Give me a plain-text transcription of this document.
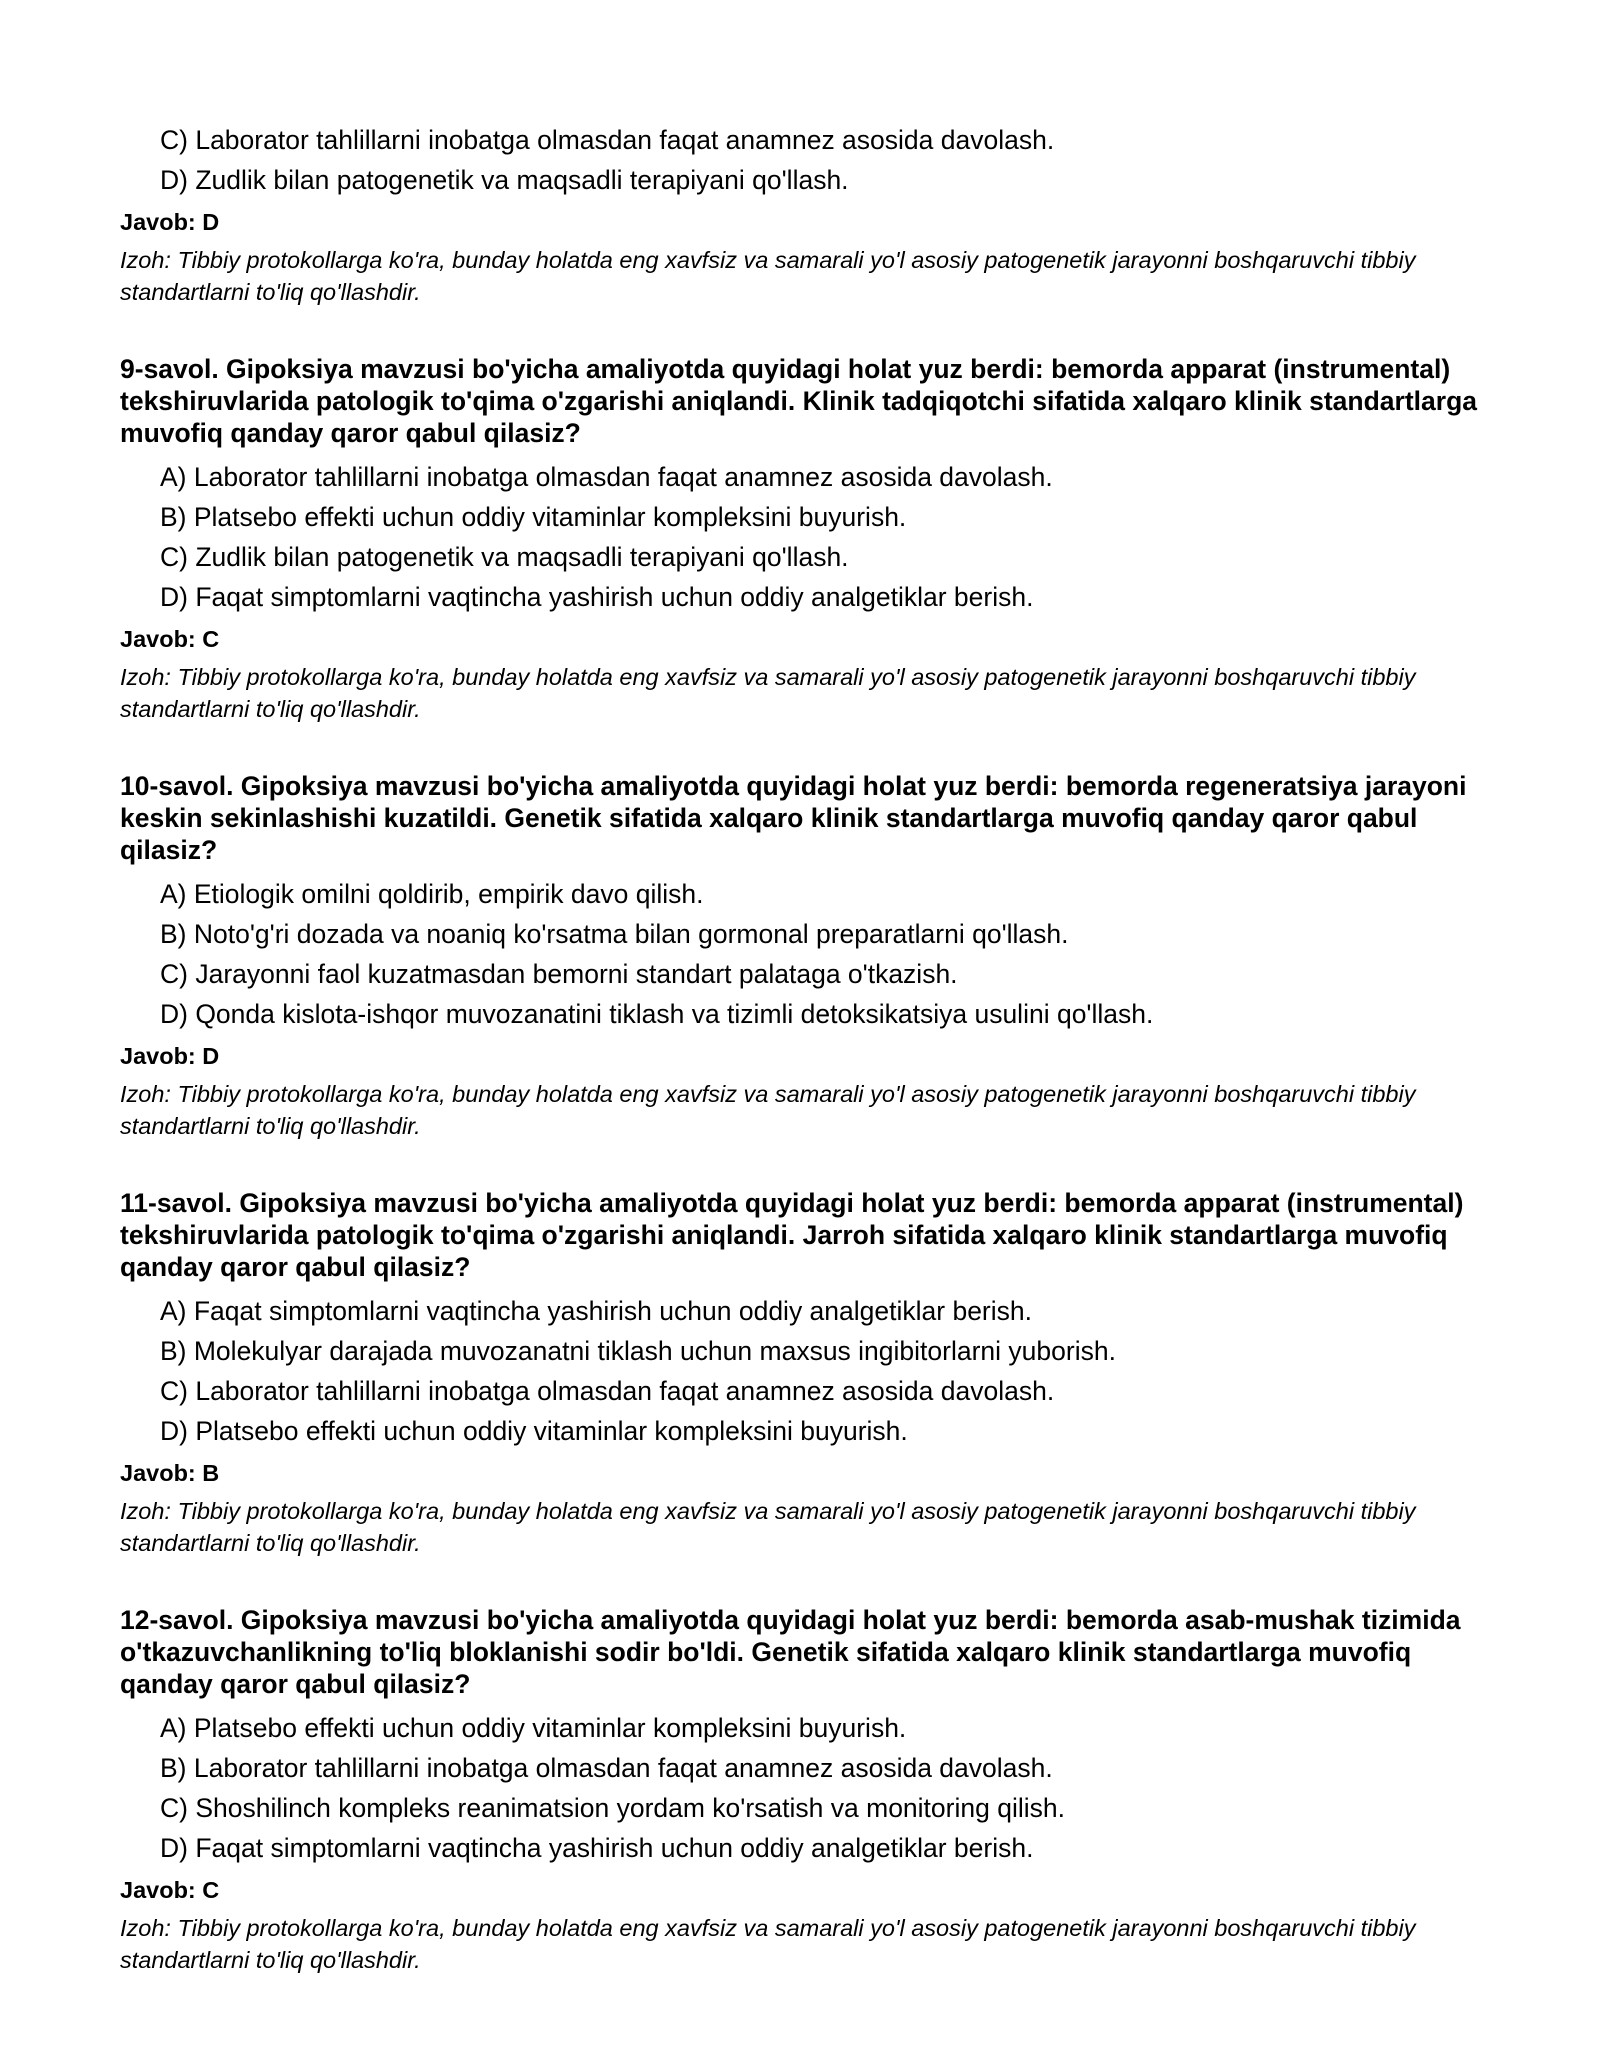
C) Laborator tahlillarni inobatga olmasdan faqat anamnez asosida davolash.
D) Zudlik bilan patogenetik va maqsadli terapiyani qo'llash.
Javob: D
Izoh: Tibbiy protokollarga ko'ra, bunday holatda eng xavfsiz va samarali yo'l asosiy patogenetik jarayonni boshqaruvchi tibbiy standartlarni to'liq qo'llashdir.
9-savol. Gipoksiya mavzusi bo'yicha amaliyotda quyidagi holat yuz berdi: bemorda apparat (instrumental) tekshiruvlarida patologik to'qima o'zgarishi aniqlandi. Klinik tadqiqotchi sifatida xalqaro klinik standartlarga muvofiq qanday qaror qabul qilasiz?
A) Laborator tahlillarni inobatga olmasdan faqat anamnez asosida davolash.
B) Platsebo effekti uchun oddiy vitaminlar kompleksini buyurish.
C) Zudlik bilan patogenetik va maqsadli terapiyani qo'llash.
D) Faqat simptomlarni vaqtincha yashirish uchun oddiy analgetiklar berish.
Javob: C
Izoh: Tibbiy protokollarga ko'ra, bunday holatda eng xavfsiz va samarali yo'l asosiy patogenetik jarayonni boshqaruvchi tibbiy standartlarni to'liq qo'llashdir.
10-savol. Gipoksiya mavzusi bo'yicha amaliyotda quyidagi holat yuz berdi: bemorda regeneratsiya jarayoni keskin sekinlashishi kuzatildi. Genetik sifatida xalqaro klinik standartlarga muvofiq qanday qaror qabul qilasiz?
A) Etiologik omilni qoldirib, empirik davo qilish.
B) Noto'g'ri dozada va noaniq ko'rsatma bilan gormonal preparatlarni qo'llash.
C) Jarayonni faol kuzatmasdan bemorni standart palataga o'tkazish.
D) Qonda kislota-ishqor muvozanatini tiklash va tizimli detoksikatsiya usulini qo'llash.
Javob: D
Izoh: Tibbiy protokollarga ko'ra, bunday holatda eng xavfsiz va samarali yo'l asosiy patogenetik jarayonni boshqaruvchi tibbiy standartlarni to'liq qo'llashdir.
11-savol. Gipoksiya mavzusi bo'yicha amaliyotda quyidagi holat yuz berdi: bemorda apparat (instrumental) tekshiruvlarida patologik to'qima o'zgarishi aniqlandi. Jarroh sifatida xalqaro klinik standartlarga muvofiq qanday qaror qabul qilasiz?
A) Faqat simptomlarni vaqtincha yashirish uchun oddiy analgetiklar berish.
B) Molekulyar darajada muvozanatni tiklash uchun maxsus ingibitorlarni yuborish.
C) Laborator tahlillarni inobatga olmasdan faqat anamnez asosida davolash.
D) Platsebo effekti uchun oddiy vitaminlar kompleksini buyurish.
Javob: B
Izoh: Tibbiy protokollarga ko'ra, bunday holatda eng xavfsiz va samarali yo'l asosiy patogenetik jarayonni boshqaruvchi tibbiy standartlarni to'liq qo'llashdir.
12-savol. Gipoksiya mavzusi bo'yicha amaliyotda quyidagi holat yuz berdi: bemorda asab-mushak tizimida o'tkazuvchanlikning to'liq bloklanishi sodir bo'ldi. Genetik sifatida xalqaro klinik standartlarga muvofiq qanday qaror qabul qilasiz?
A) Platsebo effekti uchun oddiy vitaminlar kompleksini buyurish.
B) Laborator tahlillarni inobatga olmasdan faqat anamnez asosida davolash.
C) Shoshilinch kompleks reanimatsion yordam ko'rsatish va monitoring qilish.
D) Faqat simptomlarni vaqtincha yashirish uchun oddiy analgetiklar berish.
Javob: C
Izoh: Tibbiy protokollarga ko'ra, bunday holatda eng xavfsiz va samarali yo'l asosiy patogenetik jarayonni boshqaruvchi tibbiy standartlarni to'liq qo'llashdir.
